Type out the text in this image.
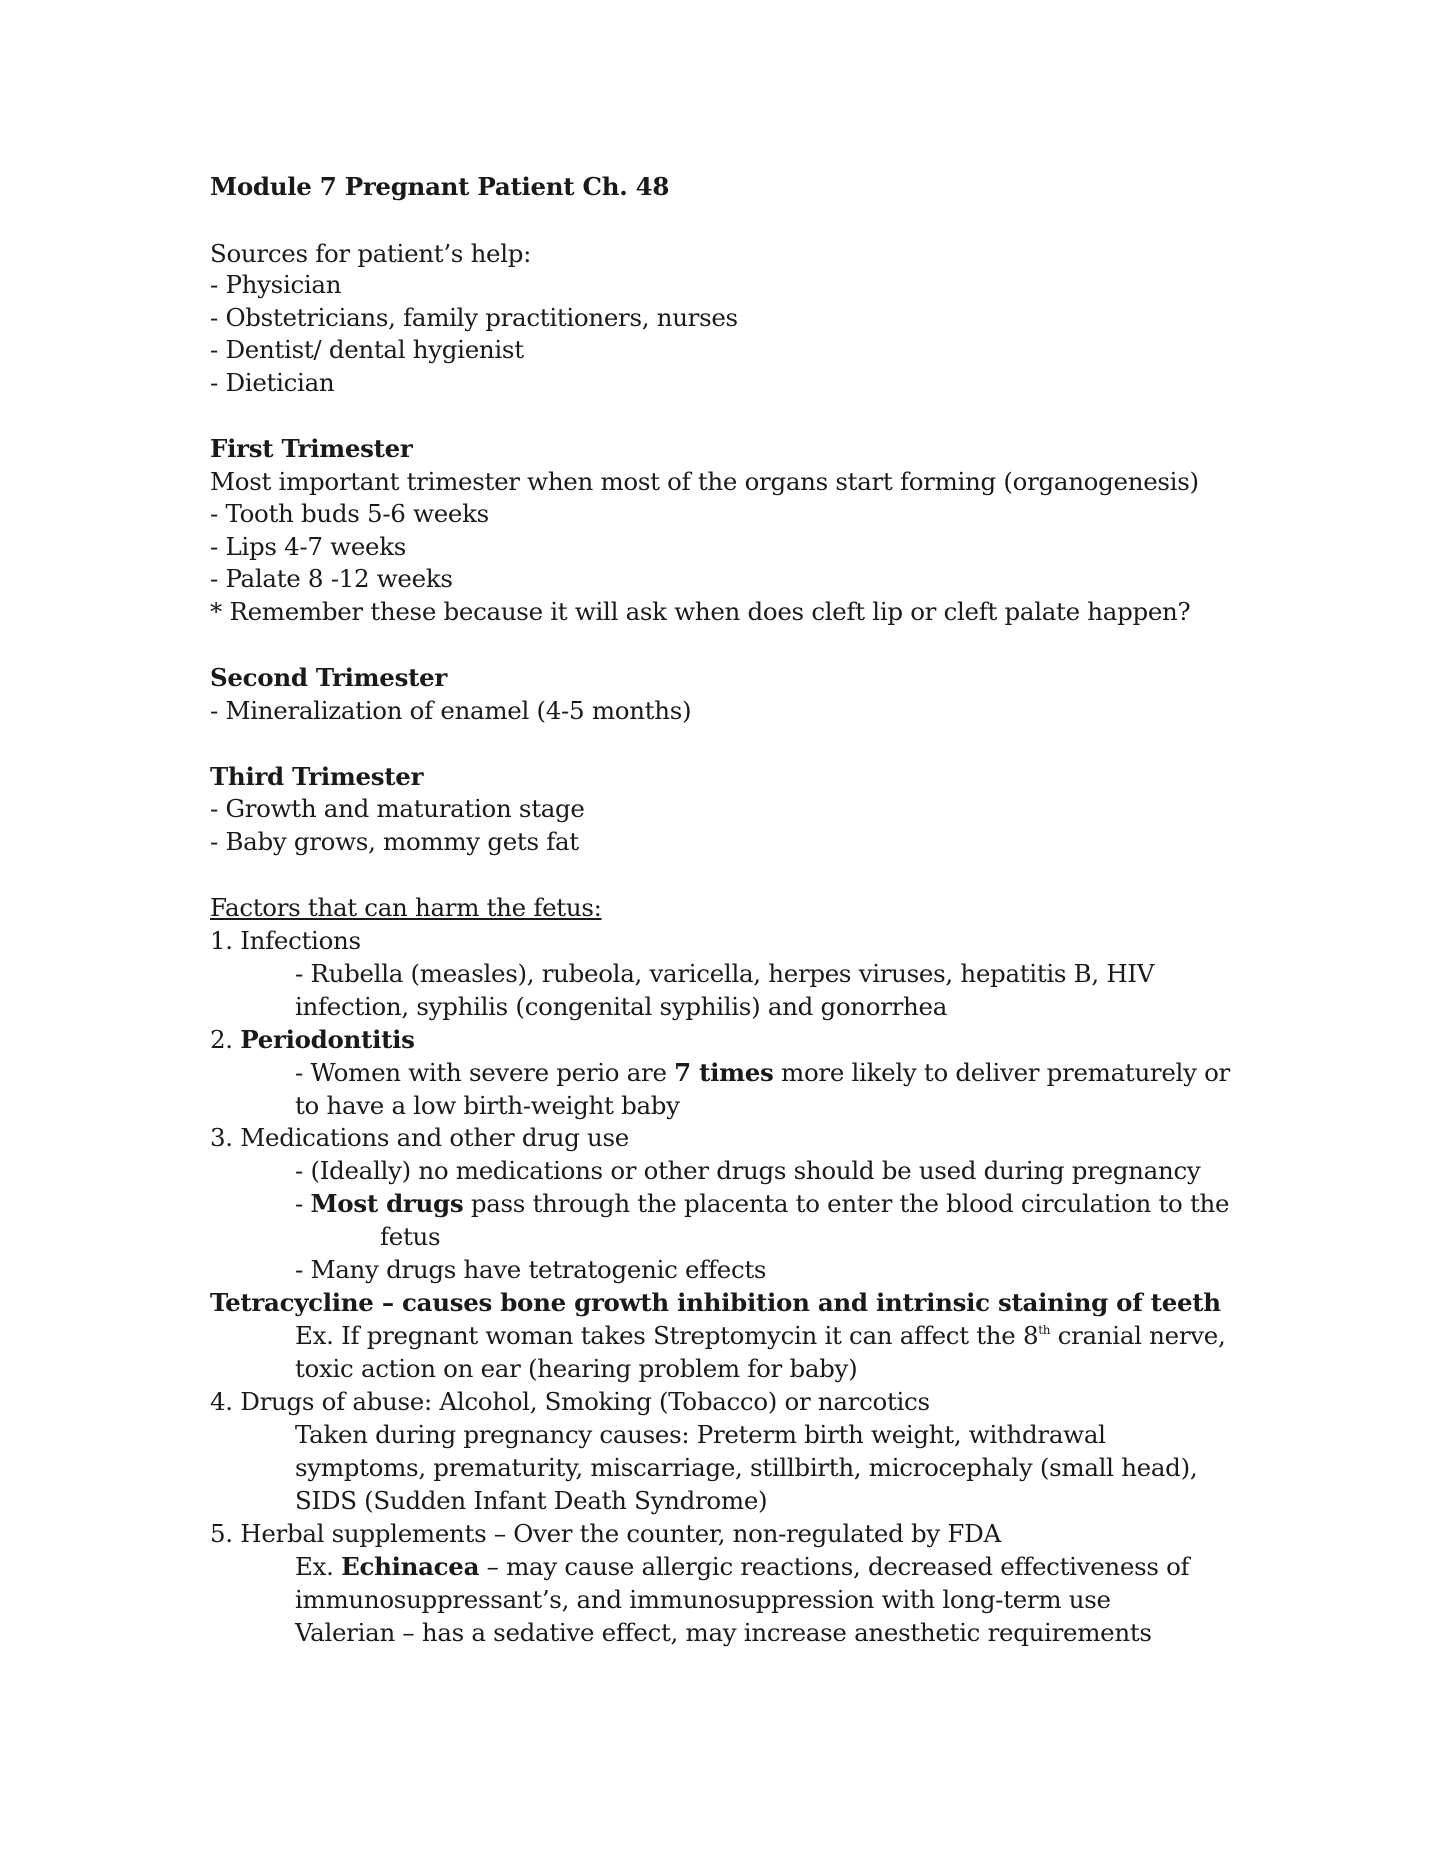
Module 7 Pregnant Patient Ch. 48
Sources for patient’s help:
- Physician
- Obstetricians, family practitioners, nurses
- Dentist/ dental hygienist
- Dietician
First Trimester
Most important trimester when most of the organs start forming (organogenesis)
- Tooth buds 5-6 weeks
- Lips 4-7 weeks
- Palate 8 -12 weeks
* Remember these because it will ask when does cleft lip or cleft palate happen?
Second Trimester
- Mineralization of enamel (4-5 months)
Third Trimester
- Growth and maturation stage
- Baby grows, mommy gets fat
Factors that can harm the fetus:
1. Infections
- Rubella (measles), rubeola, varicella, herpes viruses, hepatitis B, HIV
infection, syphilis (congenital syphilis) and gonorrhea
2. Periodontitis
- Women with severe perio are 7 times more likely to deliver prematurely or
to have a low birth-weight baby
3. Medications and other drug use
- (Ideally) no medications or other drugs should be used during pregnancy
- Most drugs pass through the placenta to enter the blood circulation to the
fetus
- Many drugs have tetratogenic effects
Tetracycline – causes bone growth inhibition and intrinsic staining of teeth
Ex. If pregnant woman takes Streptomycin it can affect the 8th cranial nerve,
toxic action on ear (hearing problem for baby)
4. Drugs of abuse: Alcohol, Smoking (Tobacco) or narcotics
Taken during pregnancy causes: Preterm birth weight, withdrawal
symptoms, prematurity, miscarriage, stillbirth, microcephaly (small head),
SIDS (Sudden Infant Death Syndrome)
5. Herbal supplements – Over the counter, non-regulated by FDA
Ex. Echinacea – may cause allergic reactions, decreased effectiveness of
immunosuppressant’s, and immunosuppression with long-term use
Valerian – has a sedative effect, may increase anesthetic requirements
